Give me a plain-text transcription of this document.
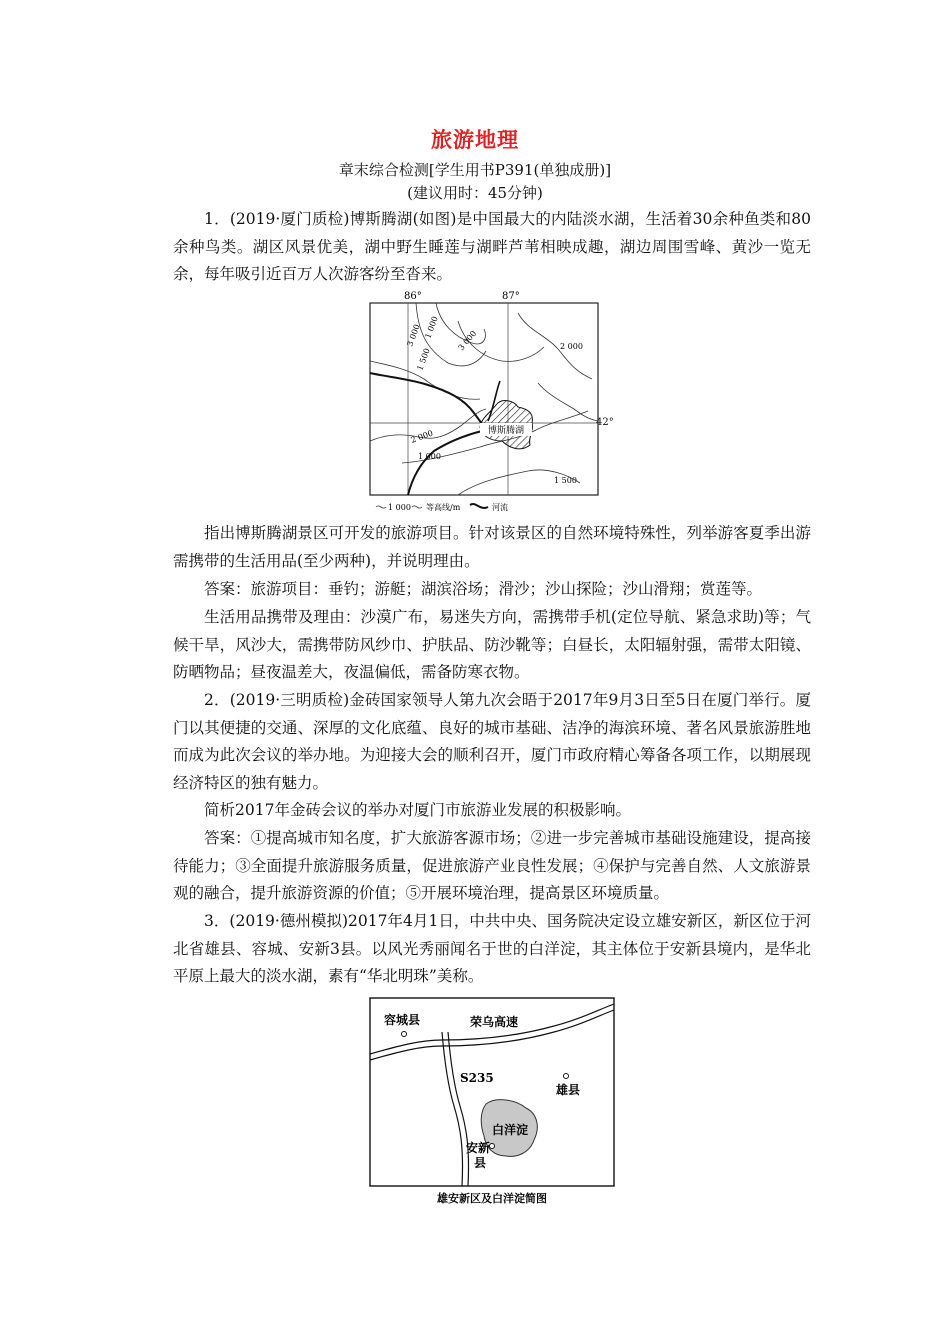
旅游地理
章末综合检测[学生用书P391(单独成册)]
(建议用时：45分钟)

1．(2019·厦门质检)博斯腾湖(如图)是中国最大的内陆淡水湖，生活着30余种鱼类和80余种鸟类。湖区风景优美，湖中野生睡莲与湖畔芦苇相映成趣，湖边周围雪峰、黄沙一览无余，每年吸引近百万人次游客纷至沓来。

86°	87°
42°
博斯腾湖
3 000 1 000
1 500
2 000
3 000
2 000
1 000
1 500
1 000 等高线/m	河流

指出博斯腾湖景区可开发的旅游项目。针对该景区的自然环境特殊性，列举游客夏季出游需携带的生活用品(至少两种)，并说明理由。

答案：旅游项目：垂钓；游艇；湖滨浴场；滑沙；沙山探险；沙山滑翔；赏莲等。

生活用品携带及理由：沙漠广布，易迷失方向，需携带手机(定位导航、紧急求助)等；气候干旱，风沙大，需携带防风纱巾、护肤品、防沙靴等；白昼长，太阳辐射强，需带太阳镜、防晒物品；昼夜温差大，夜温偏低，需备防寒衣物。

2．(2019·三明质检)金砖国家领导人第九次会晤于2017年9月3日至5日在厦门举行。厦门以其便捷的交通、深厚的文化底蕴、良好的城市基础、洁净的海滨环境、著名风景旅游胜地而成为此次会议的举办地。为迎接大会的顺利召开，厦门市政府精心筹备各项工作，以期展现经济特区的独有魅力。

简析2017年金砖会议的举办对厦门市旅游业发展的积极影响。

答案：①提高城市知名度，扩大旅游客源市场；②进一步完善城市基础设施建设，提高接待能力；③全面提升旅游服务质量，促进旅游产业良性发展；④保护与完善自然、人文旅游景观的融合，提升旅游资源的价值；⑤开展环境治理，提高景区环境质量。

3．(2019·德州模拟)2017年4月1日，中共中央、国务院决定设立雄安新区，新区位于河北省雄县、容城、安新3县。以风光秀丽闻名于世的白洋淀，其主体位于安新县境内，是华北平原上最大的淡水湖，素有“华北明珠”美称。

白洋淀
容城县	荣乌高速
S235
雄县
安新
县
雄安新区及白洋淀简图
